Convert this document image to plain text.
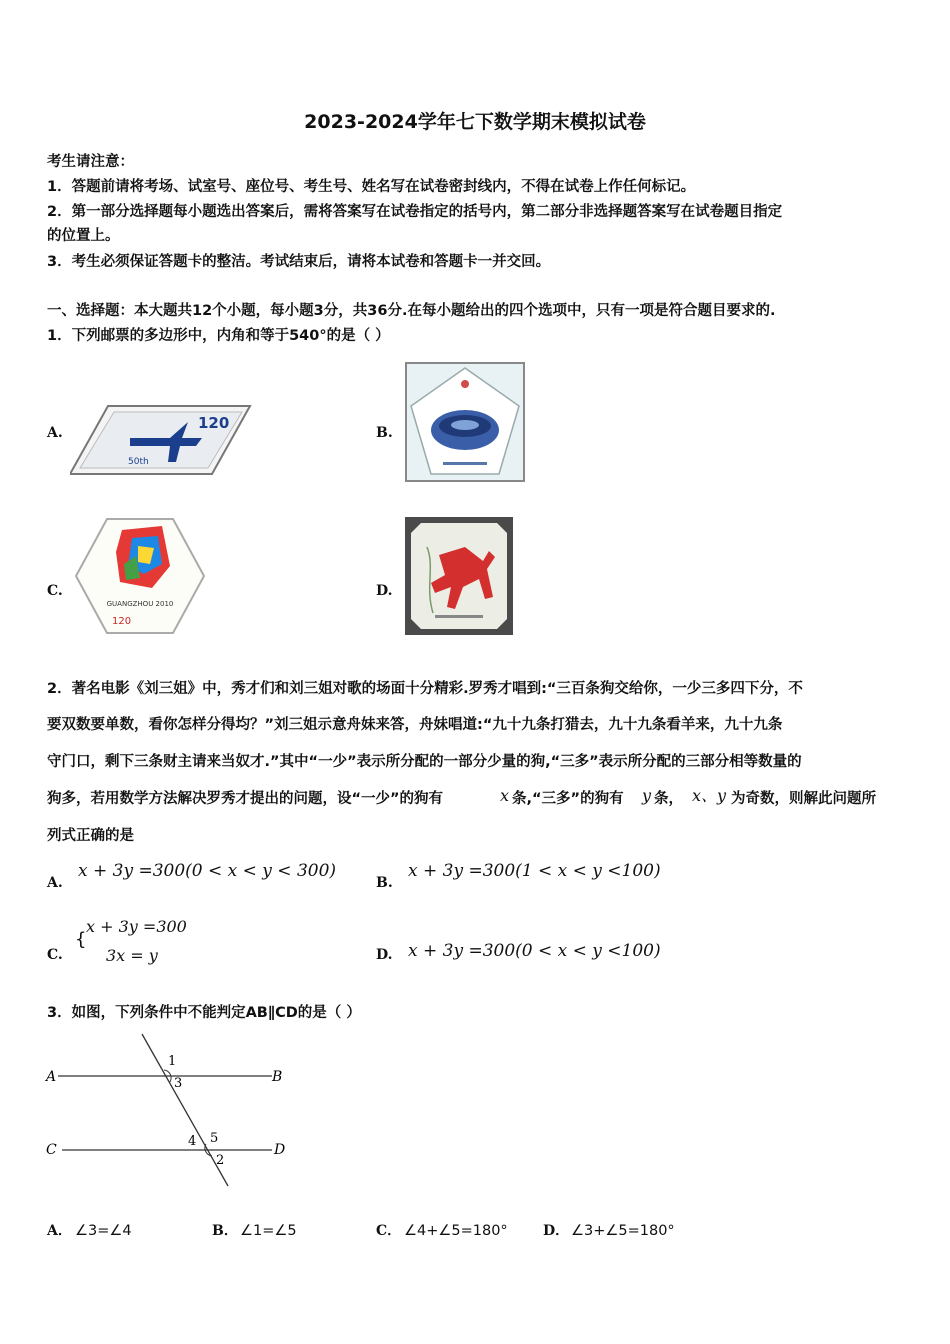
2023-2024学年七下数学期末模拟试卷
考生请注意：
1．答题前请将考场、试室号、座位号、考生号、姓名写在试卷密封线内，不得在试卷上作任何标记。
2．第一部分选择题每小题选出答案后，需将答案写在试卷指定的括号内，第二部分非选择题答案写在试卷题目指定
的位置上。
3．考生必须保证答题卡的整洁。考试结束后，请将本试卷和答题卡一并交回。
一、选择题：本大题共12个小题，每小题3分，共36分.在每小题给出的四个选项中，只有一项是符合题目要求的.
1．下列邮票的多边形中，内角和等于540°的是（ ）
A.
120
50th
B.
C.
GUANGZHOU 2010
120
D.
2．著名电影《刘三姐》中，秀才们和刘三姐对歌的场面十分精彩.罗秀才唱到:“三百条狗交给你，一少三多四下分，不
要双数要单数，看你怎样分得均？”刘三姐示意舟妹来答，舟妹唱道:“九十九条打猎去，九十九条看羊来，九十九条
守门口，剩下三条财主请来当奴才.”其中“一少”表示所分配的一部分少量的狗,“三多”表示所分配的三部分相等数量的
狗多，若用数学方法解决罗秀才提出的问题，设“一少”的狗有	x 条,“三多”的狗有 y 条， x、y 为奇数，则解此问题所
列式正确的是
A.
x + 3y =300(0 < x < y < 300)
B.
x + 3y =300(1 < x < y <100)
C.
{
x + 3y =300
3x = y	D. x + 3y =300(0 < x < y <100)
3．如图，下列条件中不能判定AB∥CD的是（ ）
A	B
C	D
1
3
4 5
2
A． ∠3=∠4	B． ∠1=∠5	C． ∠4+∠5=180°	D． ∠3+∠5=180°
